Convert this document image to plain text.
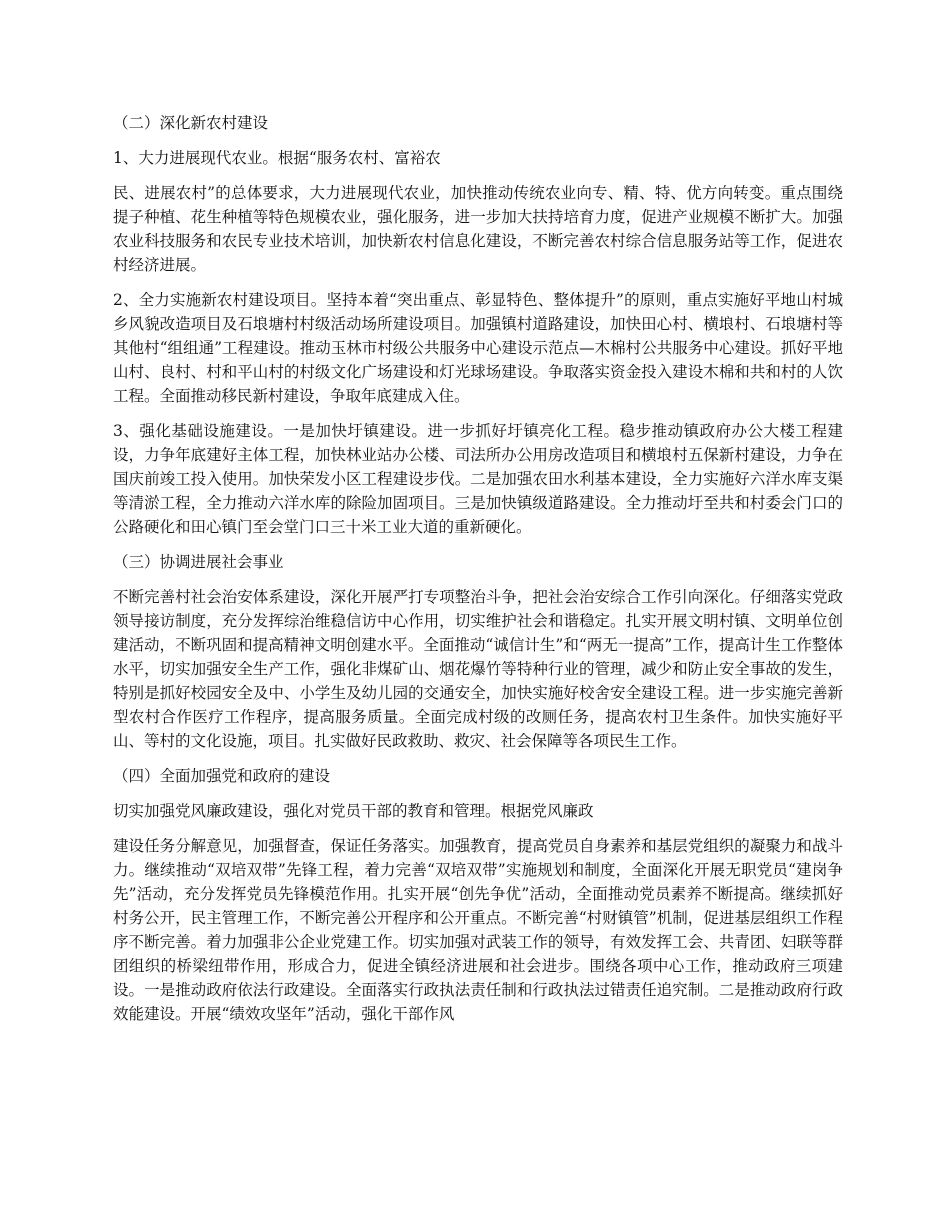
（二）深化新农村建设
1、大力进展现代农业。根据“服务农村、富裕农
民、进展农村”的总体要求，大力进展现代农业，加快推动传统农业向专、精、特、优方向转变。重点围绕提子种植、花生种植等特色规模农业，强化服务，进一步加大扶持培育力度，促进产业规模不断扩大。加强农业科技服务和农民专业技术培训，加快新农村信息化建设，不断完善农村综合信息服务站等工作，促进农村经济进展。
2、全力实施新农村建设项目。坚持本着“突出重点、彰显特色、整体提升”的原则，重点实施好平地山村城乡风貌改造项目及石埌塘村村级活动场所建设项目。加强镇村道路建设，加快田心村、横埌村、石埌塘村等其他村“组组通”工程建设。推动玉林市村级公共服务中心建设示范点—木棉村公共服务中心建设。抓好平地山村、良村、村和平山村的村级文化广场建设和灯光球场建设。争取落实资金投入建设木棉和共和村的人饮工程。全面推动移民新村建设，争取年底建成入住。
3、强化基础设施建设。一是加快圩镇建设。进一步抓好圩镇亮化工程。稳步推动镇政府办公大楼工程建设，力争年底建好主体工程，加快林业站办公楼、司法所办公用房改造项目和横埌村五保新村建设，力争在国庆前竣工投入使用。加快荣发小区工程建设步伐。二是加强农田水利基本建设，全力实施好六洋水库支渠等清淤工程，全力推动六洋水库的除险加固项目。三是加快镇级道路建设。全力推动圩至共和村委会门口的公路硬化和田心镇门至会堂门口三十米工业大道的重新硬化。
（三）协调进展社会事业
不断完善村社会治安体系建设，深化开展严打专项整治斗争，把社会治安综合工作引向深化。仔细落实党政领导接访制度，充分发挥综治维稳信访中心作用，切实维护社会和谐稳定。扎实开展文明村镇、文明单位创建活动，不断巩固和提高精神文明创建水平。全面推动“诚信计生”和“两无一提高”工作，提高计生工作整体水平，切实加强安全生产工作，强化非煤矿山、烟花爆竹等特种行业的管理，减少和防止安全事故的发生，特别是抓好校园安全及中、小学生及幼儿园的交通安全，加快实施好校舍安全建设工程。进一步实施完善新型农村合作医疗工作程序，提高服务质量。全面完成村级的改厕任务，提高农村卫生条件。加快实施好平山、等村的文化设施，项目。扎实做好民政救助、救灾、社会保障等各项民生工作。
（四）全面加强党和政府的建设
切实加强党风廉政建设，强化对党员干部的教育和管理。根据党风廉政
建设任务分解意见，加强督查，保证任务落实。加强教育，提高党员自身素养和基层党组织的凝聚力和战斗力。继续推动“双培双带”先锋工程，着力完善“双培双带”实施规划和制度，全面深化开展无职党员“建岗争先”活动，充分发挥党员先锋模范作用。扎实开展“创先争优”活动，全面推动党员素养不断提高。继续抓好村务公开，民主管理工作，不断完善公开程序和公开重点。不断完善“村财镇管”机制，促进基层组织工作程序不断完善。着力加强非公企业党建工作。切实加强对武装工作的领导，有效发挥工会、共青团、妇联等群团组织的桥梁纽带作用，形成合力，促进全镇经济进展和社会进步。围绕各项中心工作，推动政府三项建设。一是推动政府依法行政建设。全面落实行政执法责任制和行政执法过错责任追究制。二是推动政府行政效能建设。开展“绩效攻坚年”活动，强化干部作风
